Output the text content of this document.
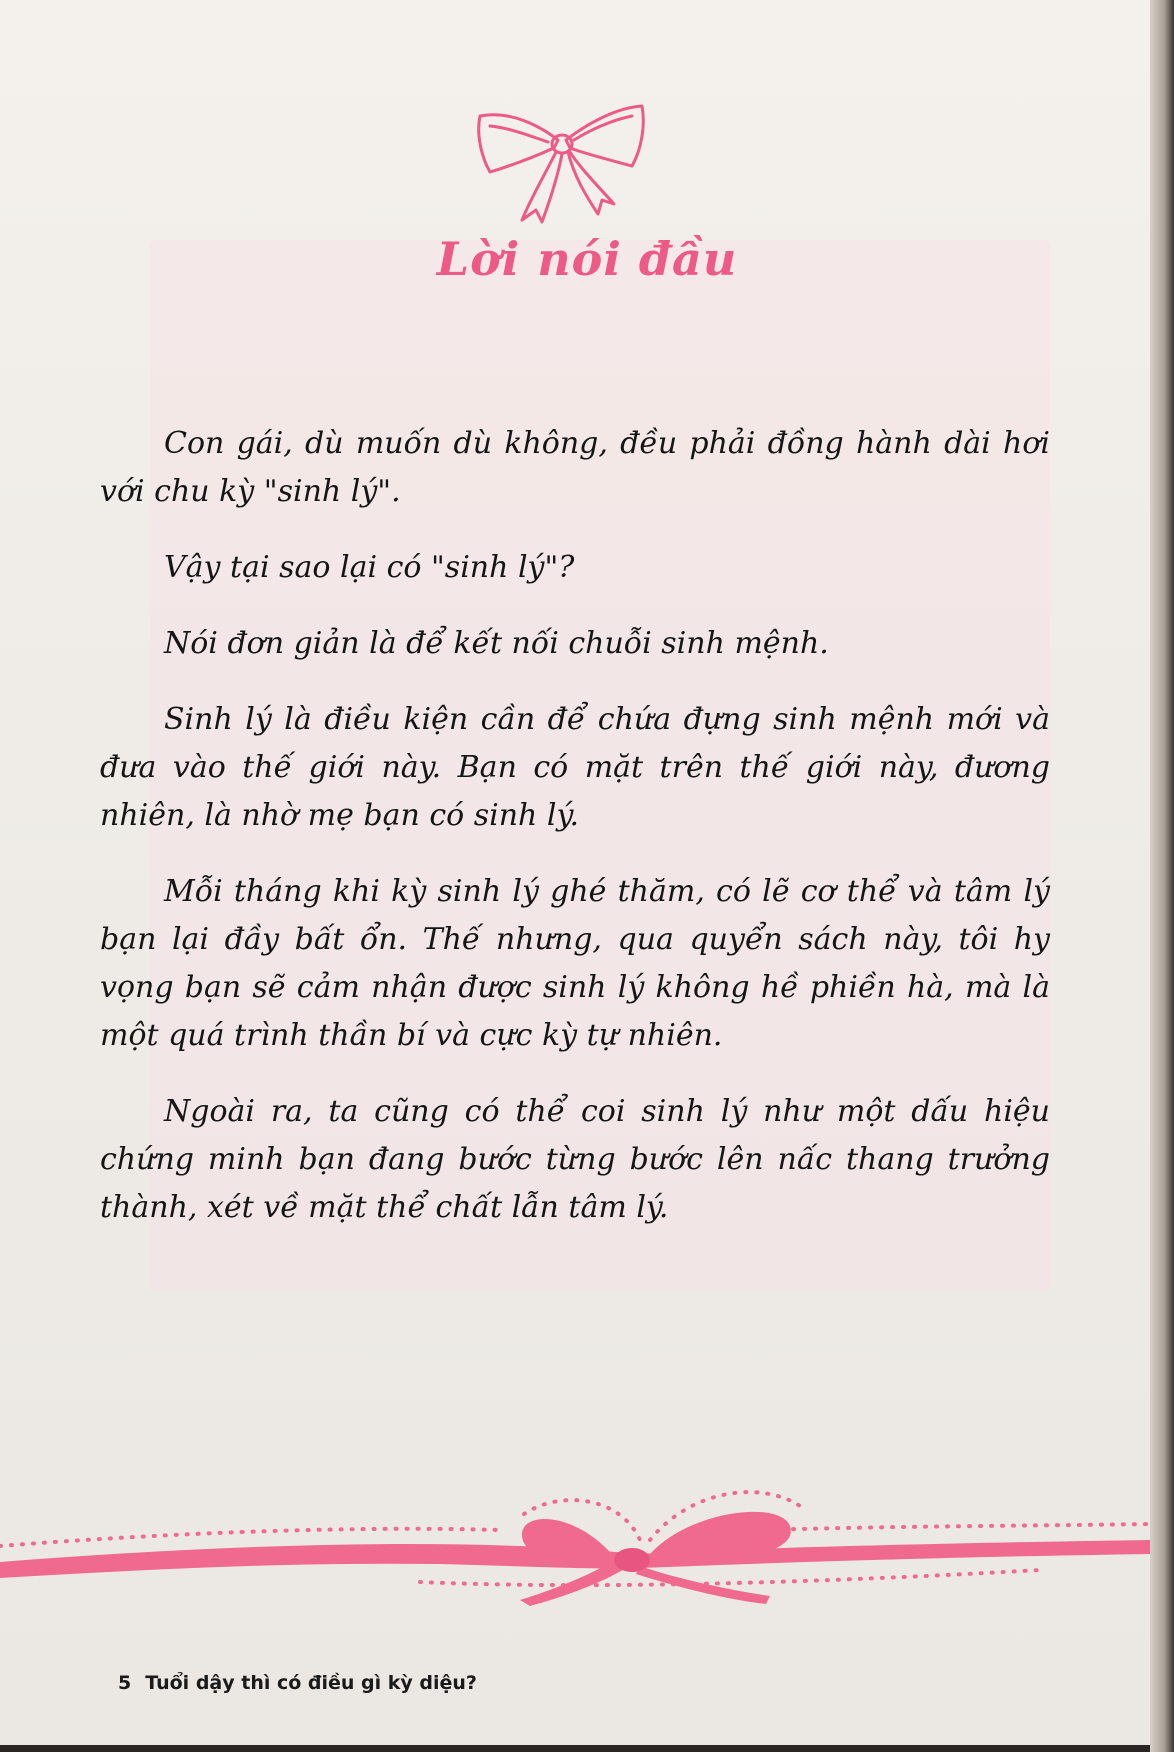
Lời nói đầu

Con gái, dù muốn dù không, đều phải đồng hành dài hơi với chu kỳ "sinh lý".

Vậy tại sao lại có "sinh lý"?

Nói đơn giản là để kết nối chuỗi sinh mệnh.

Sinh lý là điều kiện cần để chứa đựng sinh mệnh mới và đưa vào thế giới này. Bạn có mặt trên thế giới này, đương nhiên, là nhờ mẹ bạn có sinh lý.

Mỗi tháng khi kỳ sinh lý ghé thăm, có lẽ cơ thể và tâm lý bạn lại đầy bất ổn. Thế nhưng, qua quyển sách này, tôi hy vọng bạn sẽ cảm nhận được sinh lý không hề phiền hà, mà là một quá trình thần bí và cực kỳ tự nhiên.

Ngoài ra, ta cũng có thể coi sinh lý như một dấu hiệu chứng minh bạn đang bước từng bước lên nấc thang trưởng thành, xét về mặt thể chất lẫn tâm lý.

5 Tuổi dậy thì có điều gì kỳ diệu?
